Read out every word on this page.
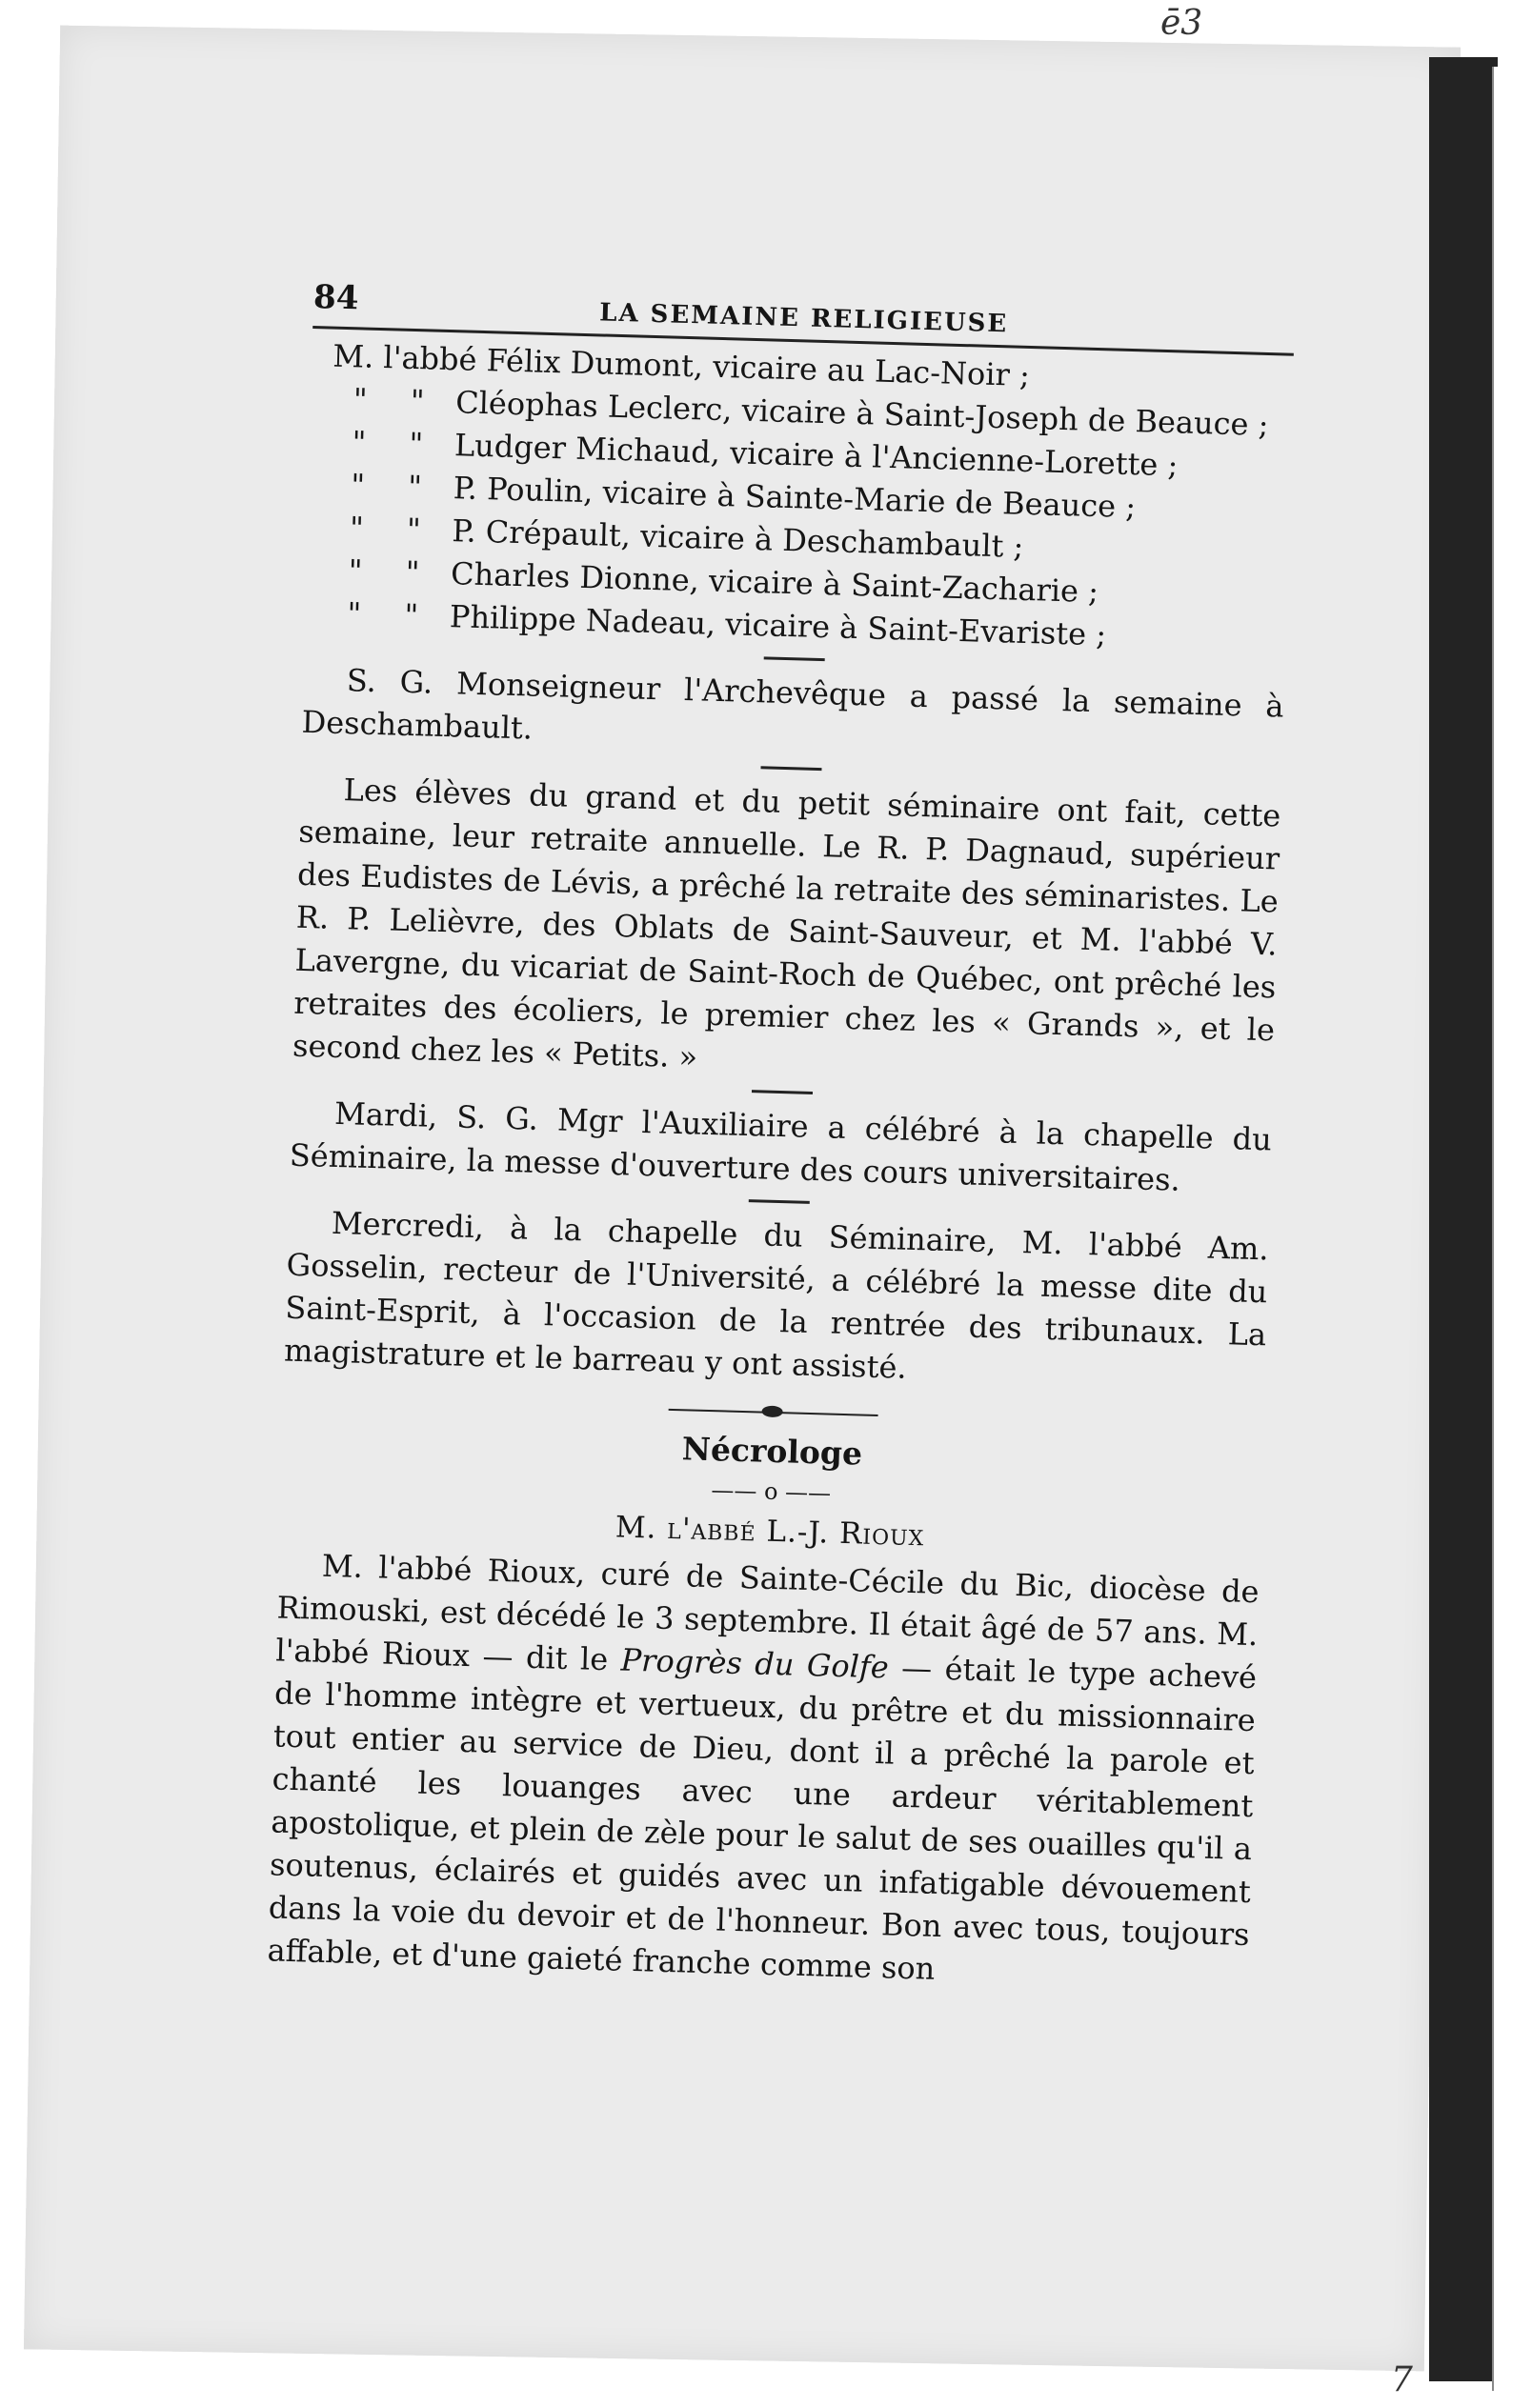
ē3
7
84
LA SEMAINE RELIGIEUSE
M. l'abbé Félix Dumont, vicaire au Lac-Noir ;
" " Cléophas Leclerc, vicaire à Saint-Joseph de Beauce ;
" " Ludger Michaud, vicaire à l'Ancienne-Lorette ;
" " P. Poulin, vicaire à Sainte-Marie de Beauce ;
" " P. Crépault, vicaire à Deschambault ;
" " Charles Dionne, vicaire à Saint-Zacharie ;
" " Philippe Nadeau, vicaire à Saint-Evariste ;

S. G. Monseigneur l'Archevêque a passé la semaine à Deschambault.

Les élèves du grand et du petit séminaire ont fait, cette semaine, leur retraite annuelle. Le R. P. Dagnaud, supérieur des Eudistes de Lévis, a prêché la retraite des séminaristes. Le R. P. Lelièvre, des Oblats de Saint-Sauveur, et M. l'abbé V. Lavergne, du vicariat de Saint-Roch de Québec, ont prêché les retraites des écoliers, le premier chez les « Grands », et le second chez les « Petits. »

Mardi, S. G. Mgr l'Auxiliaire a célébré à la chapelle du Séminaire, la messe d'ouverture des cours universitaires.

Mercredi, à la chapelle du Séminaire, M. l'abbé Am. Gosselin, recteur de l'Université, a célébré la messe dite du Saint-Esprit, à l'occasion de la rentrée des tribunaux. La magistrature et le barreau y ont assisté.

Nécrologe
—— o ——
M. l'abbé L.-J. Rioux

M. l'abbé Rioux, curé de Sainte-Cécile du Bic, diocèse de Rimouski, est décédé le 3 septembre. Il était âgé de 57 ans. M. l'abbé Rioux — dit le Progrès du Golfe — était le type achevé de l'homme intègre et vertueux, du prêtre et du missionnaire tout entier au service de Dieu, dont il a prêché la parole et chanté les louanges avec une ardeur véritablement apostolique, et plein de zèle pour le salut de ses ouailles qu'il a soutenus, éclairés et guidés avec un infatigable dévouement dans la voie du devoir et de l'honneur. Bon avec tous, toujours affable, et d'une gaieté franche comme son
